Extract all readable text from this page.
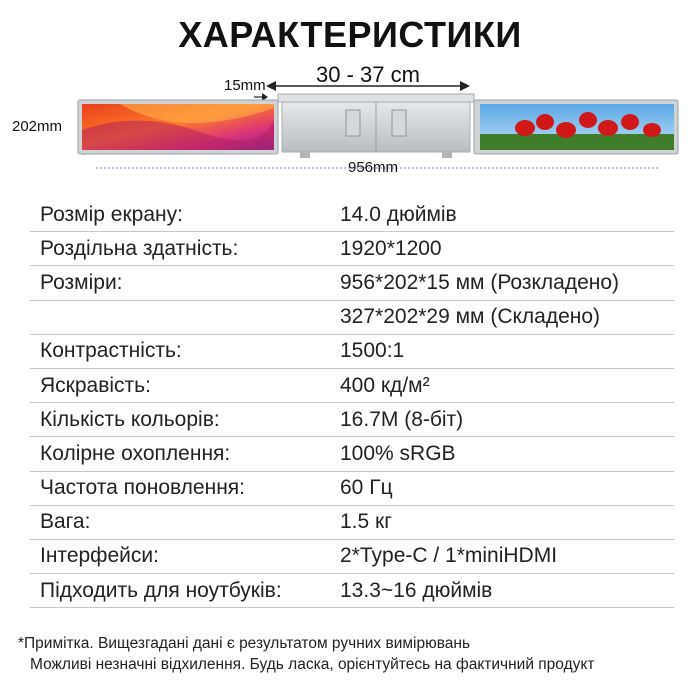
ХАРАКТЕРИСТИКИ
30 - 37 cm
15mm
202mm
956mm
Розмір екрану:	14.0 дюймів
Роздільна здатність:	1920*1200
Розміри:	956*202*15 мм (Розкладено)
327*202*29 мм (Складено)
Контрастність:	1500:1
Яскравість:	400 кд/м²
Кількість кольорів:	16.7M (8-біт)
Колірне охоплення:	100% sRGB
Частота поновлення:	60 Гц
Вага:	1.5 кг
Інтерфейси:	2*Type-C / 1*miniHDMI
Підходить для ноутбуків:	13.3~16 дюймів
*Примітка. Вищезгадані дані є результатом ручних вимірювань
Можливі незначні відхилення. Будь ласка, орієнтуйтесь на фактичний продукт
